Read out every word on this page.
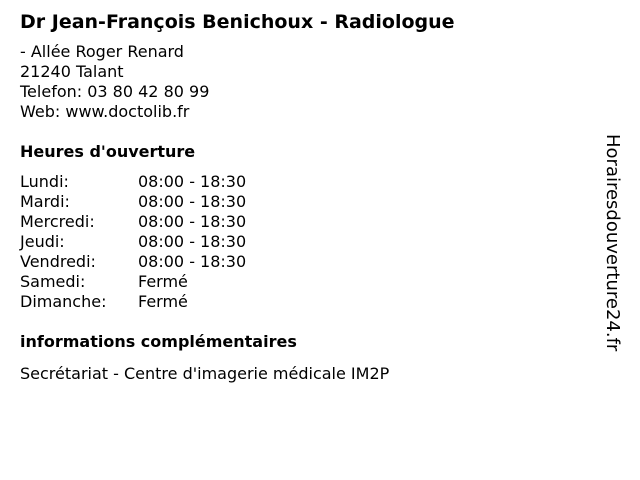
Dr Jean-François Benichoux - Radiologue
- Allée Roger Renard
21240 Talant
Telefon: 03 80 42 80 99
Web: www.doctolib.fr
Heures d'ouverture
Lundi:	08:00 - 18:30
Mardi:	08:00 - 18:30
Mercredi:	08:00 - 18:30
Jeudi:	08:00 - 18:30
Vendredi:	08:00 - 18:30
Samedi:	Fermé
Dimanche:	Fermé
informations complémentaires
Secrétariat - Centre d'imagerie médicale IM2P
Horairesdouverture24.fr
